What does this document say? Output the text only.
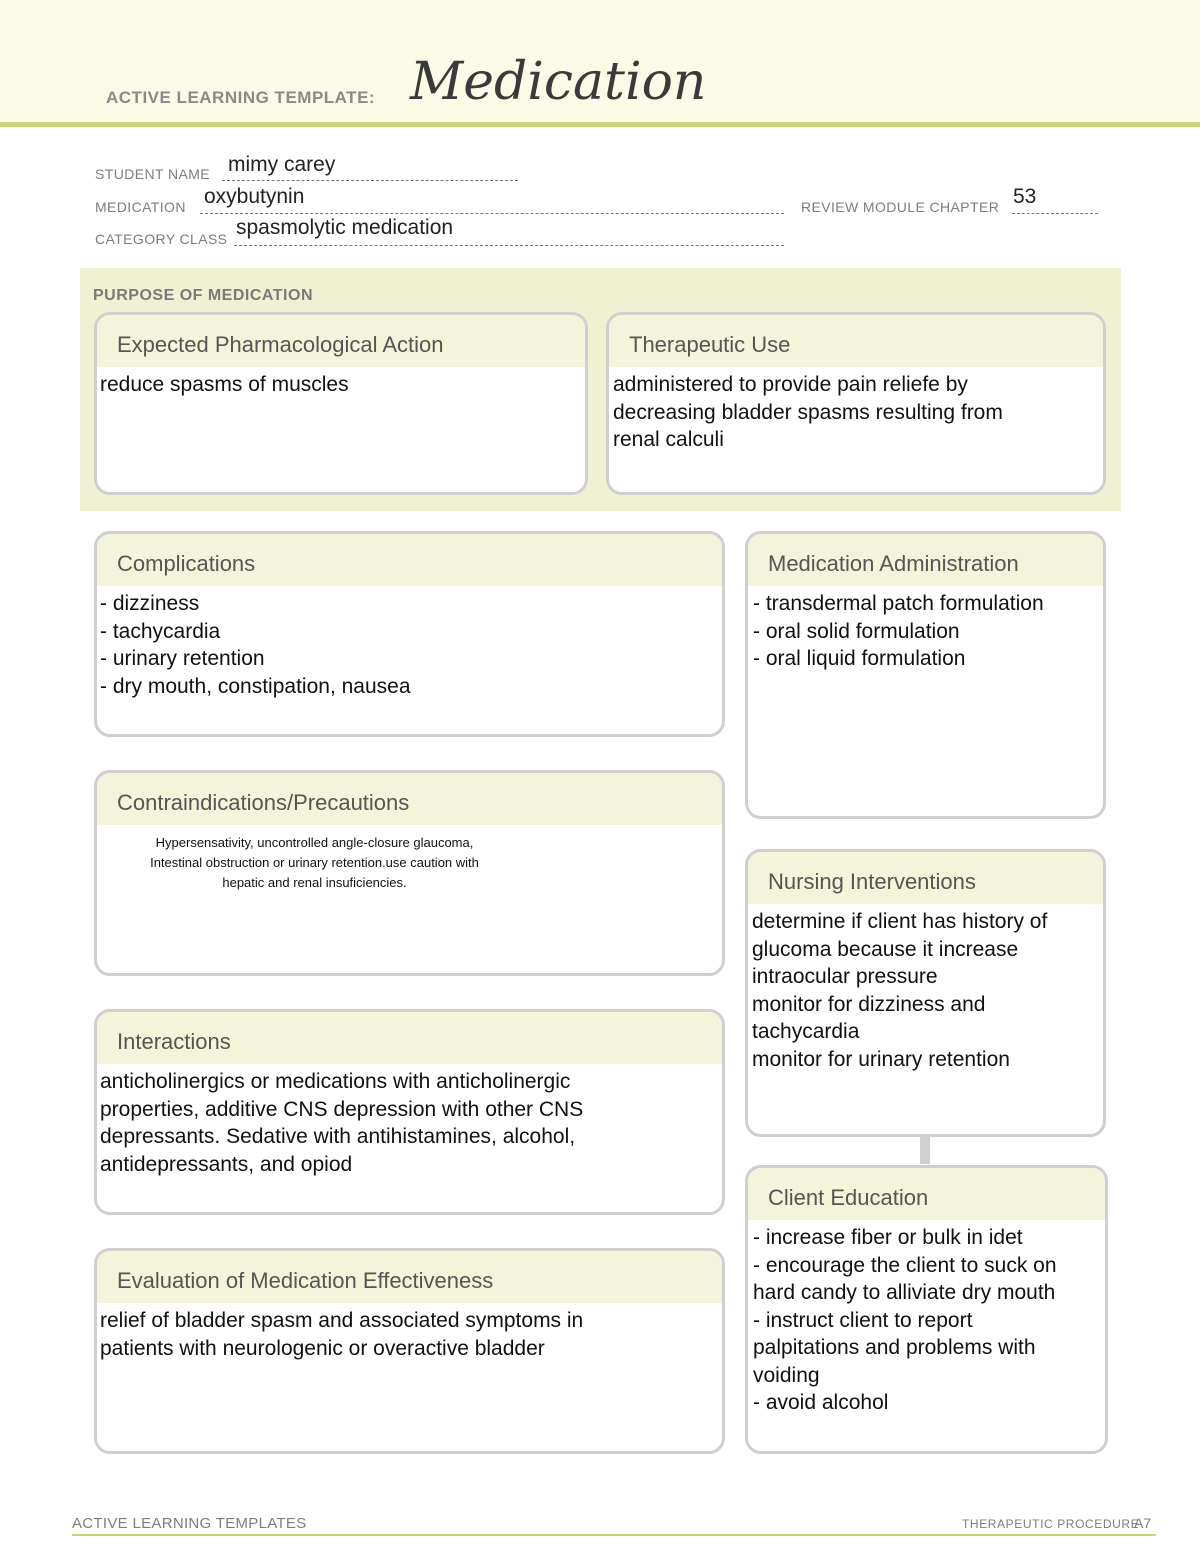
ACTIVE LEARNING TEMPLATE: Medication
STUDENT NAME mimy carey
MEDICATION oxybutynin	REVIEW MODULE CHAPTER 53
CATEGORY CLASS spasmolytic medication
PURPOSE OF MEDICATION
Expected Pharmacological Action
reduce spasms of muscles
Therapeutic Use
administered to provide pain reliefe by
decreasing bladder spasms resulting from
renal calculi
Complications
- dizziness
- tachycardia
- urinary retention
- dry mouth, constipation, nausea
Contraindications/Precautions
Hypersensativity, uncontrolled angle-closure glaucoma,
Intestinal obstruction or urinary retention.use caution with
hepatic and renal insuficiencies.
Interactions
anticholinergics or medications with anticholinergic
properties, additive CNS depression with other CNS
depressants. Sedative with antihistamines, alcohol,
antidepressants, and opiod
Evaluation of Medication Effectiveness
relief of bladder spasm and associated symptoms in
patients with neurologenic or overactive bladder
Medication Administration
- transdermal patch formulation
- oral solid formulation
- oral liquid formulation
Nursing Interventions
determine if client has history of
glucoma because it increase
intraocular pressure
monitor for dizziness and
tachycardia
monitor for urinary retention
Client Education
- increase fiber or bulk in idet
- encourage the client to suck on
hard candy to alliviate dry mouth
- instruct client to report
palpitations and problems with
voiding
- avoid alcohol
ACTIVE LEARNING TEMPLATES	THERAPEUTIC PROCEDURE
A7
